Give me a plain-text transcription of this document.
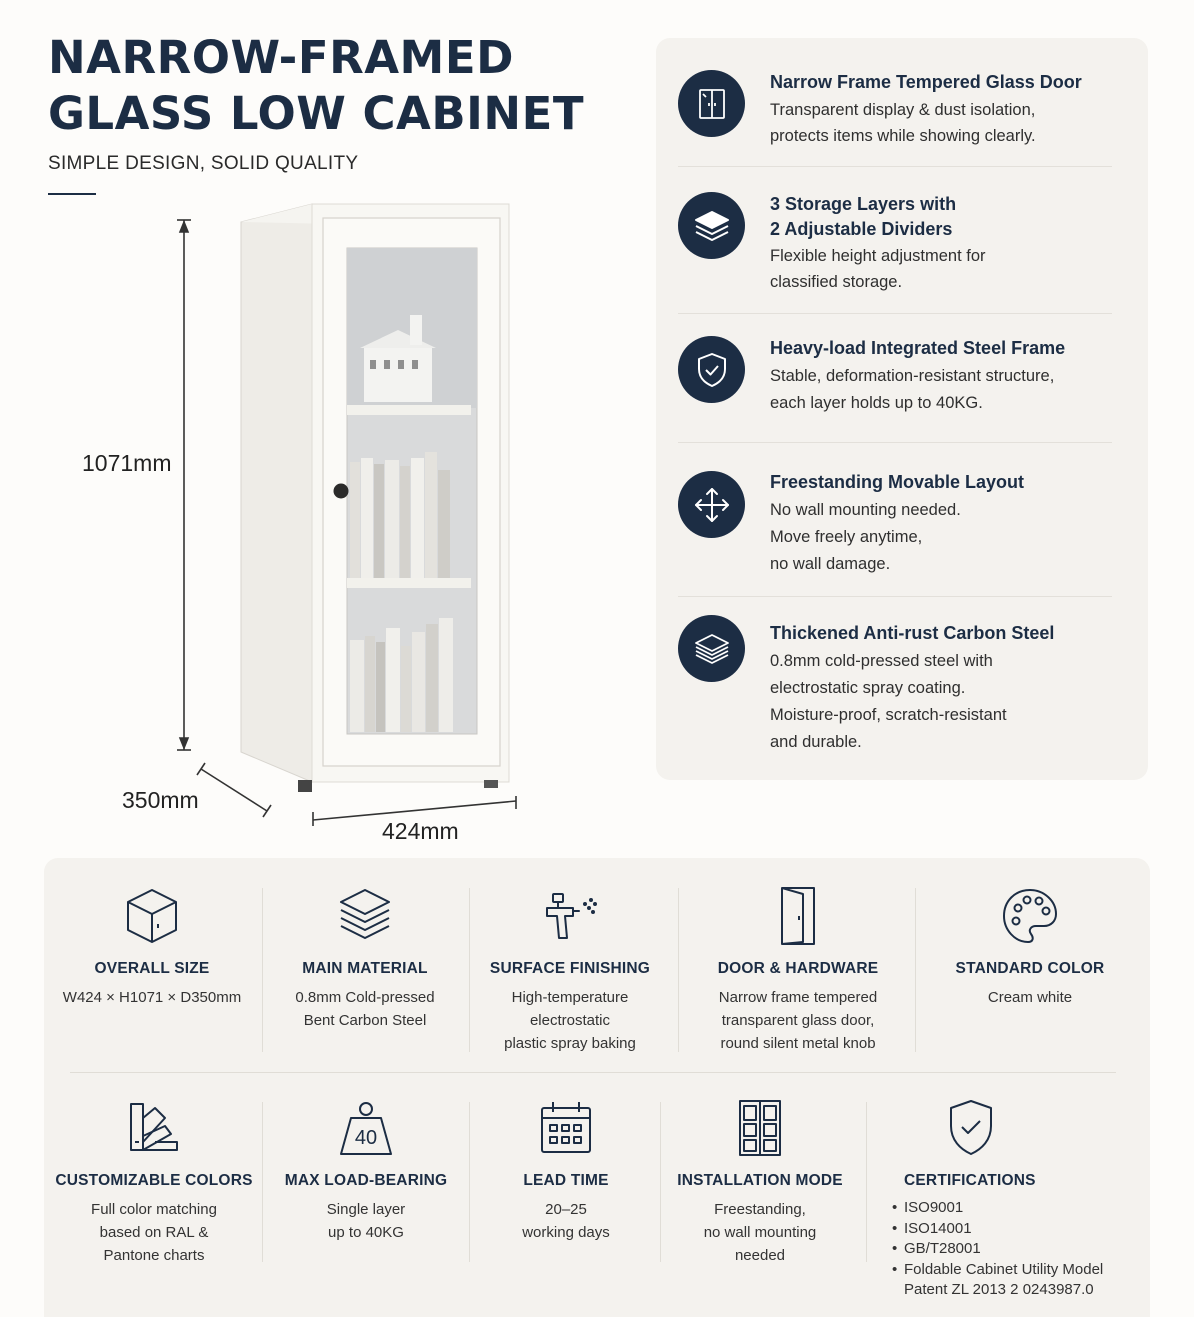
NARROW-FRAMED
GLASS LOW CABINET
SIMPLE DESIGN, SOLID QUALITY
1071mm
350mm
424mm
Narrow Frame Tempered Glass Door
Transparent display & dust isolation,
protects items while showing clearly.
3 Storage Layers with
2 Adjustable Dividers
Flexible height adjustment for
classified storage.
Heavy-load Integrated Steel Frame
Stable, deformation-resistant structure,
each layer holds up to 40KG.
Freestanding Movable Layout
No wall mounting needed.
Move freely anytime,
no wall damage.
Thickened Anti-rust Carbon Steel
0.8mm cold-pressed steel with
electrostatic spray coating.
Moisture-proof, scratch-resistant
and durable.
OVERALL SIZE
W424 × H1071 × D350mm
MAIN MATERIAL
0.8mm Cold-pressed
Bent Carbon Steel
SURFACE FINISHING
High-temperature
electrostatic
plastic spray baking
DOOR & HARDWARE
Narrow frame tempered
transparent glass door,
round silent metal knob
STANDARD COLOR
Cream white
CUSTOMIZABLE COLORS
Full color matching
based on RAL &
Pantone charts
40
MAX LOAD-BEARING
Single layer
up to 40KG
LEAD TIME
20–25
working days
INSTALLATION MODE
Freestanding,
no wall mounting
needed
CERTIFICATIONS
• ISO9001
• ISO14001
• GB/T28001
• Foldable Cabinet Utility Model
Patent ZL 2013 2 0243987.0
